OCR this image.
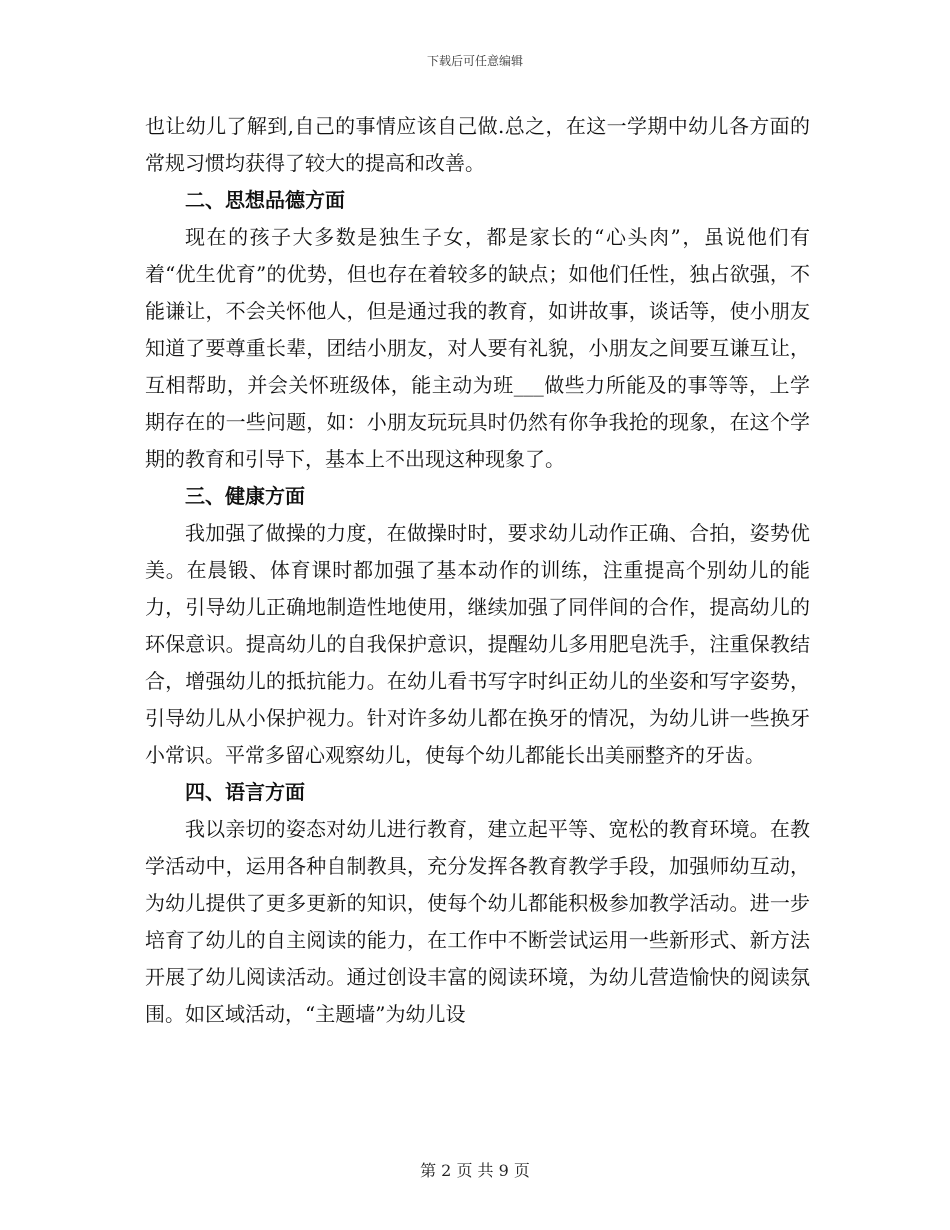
下载后可任意编辑

也让幼儿了解到,自己的事情应该自己做.总之，在这一学期中幼儿各方面的常规习惯均获得了较大的提高和改善。

二、思想品德方面

现在的孩子大多数是独生子女，都是家长的“心头肉”，虽说他们有着“优生优育”的优势，但也存在着较多的缺点；如他们任性，独占欲强，不能谦让，不会关怀他人，但是通过我的教育，如讲故事，谈话等，使小朋友知道了要尊重长辈，团结小朋友，对人要有礼貌，小朋友之间要互谦互让，互相帮助，并会关怀班级体，能主动为班___做些力所能及的事等等，上学期存在的一些问题，如：小朋友玩玩具时仍然有你争我抢的现象，在这个学期的教育和引导下，基本上不出现这种现象了。

三、健康方面

我加强了做操的力度，在做操时时，要求幼儿动作正确、合拍，姿势优美。在晨锻、体育课时都加强了基本动作的训练，注重提高个别幼儿的能力，引导幼儿正确地制造性地使用，继续加强了同伴间的合作，提高幼儿的环保意识。提高幼儿的自我保护意识，提醒幼儿多用肥皂洗手，注重保教结合，增强幼儿的抵抗能力。在幼儿看书写字时纠正幼儿的坐姿和写字姿势，引导幼儿从小保护视力。针对许多幼儿都在换牙的情况，为幼儿讲一些换牙小常识。平常多留心观察幼儿，使每个幼儿都能长出美丽整齐的牙齿。

四、语言方面

我以亲切的姿态对幼儿进行教育，建立起平等、宽松的教育环境。在教学活动中，运用各种自制教具，充分发挥各教育教学手段，加强师幼互动，为幼儿提供了更多更新的知识，使每个幼儿都能积极参加教学活动。进一步培育了幼儿的自主阅读的能力，在工作中不断尝试运用一些新形式、新方法开展了幼儿阅读活动。通过创设丰富的阅读环境，为幼儿营造愉快的阅读氛围。如区域活动，“主题墙”为幼儿设

第 2 页 共 9 页
